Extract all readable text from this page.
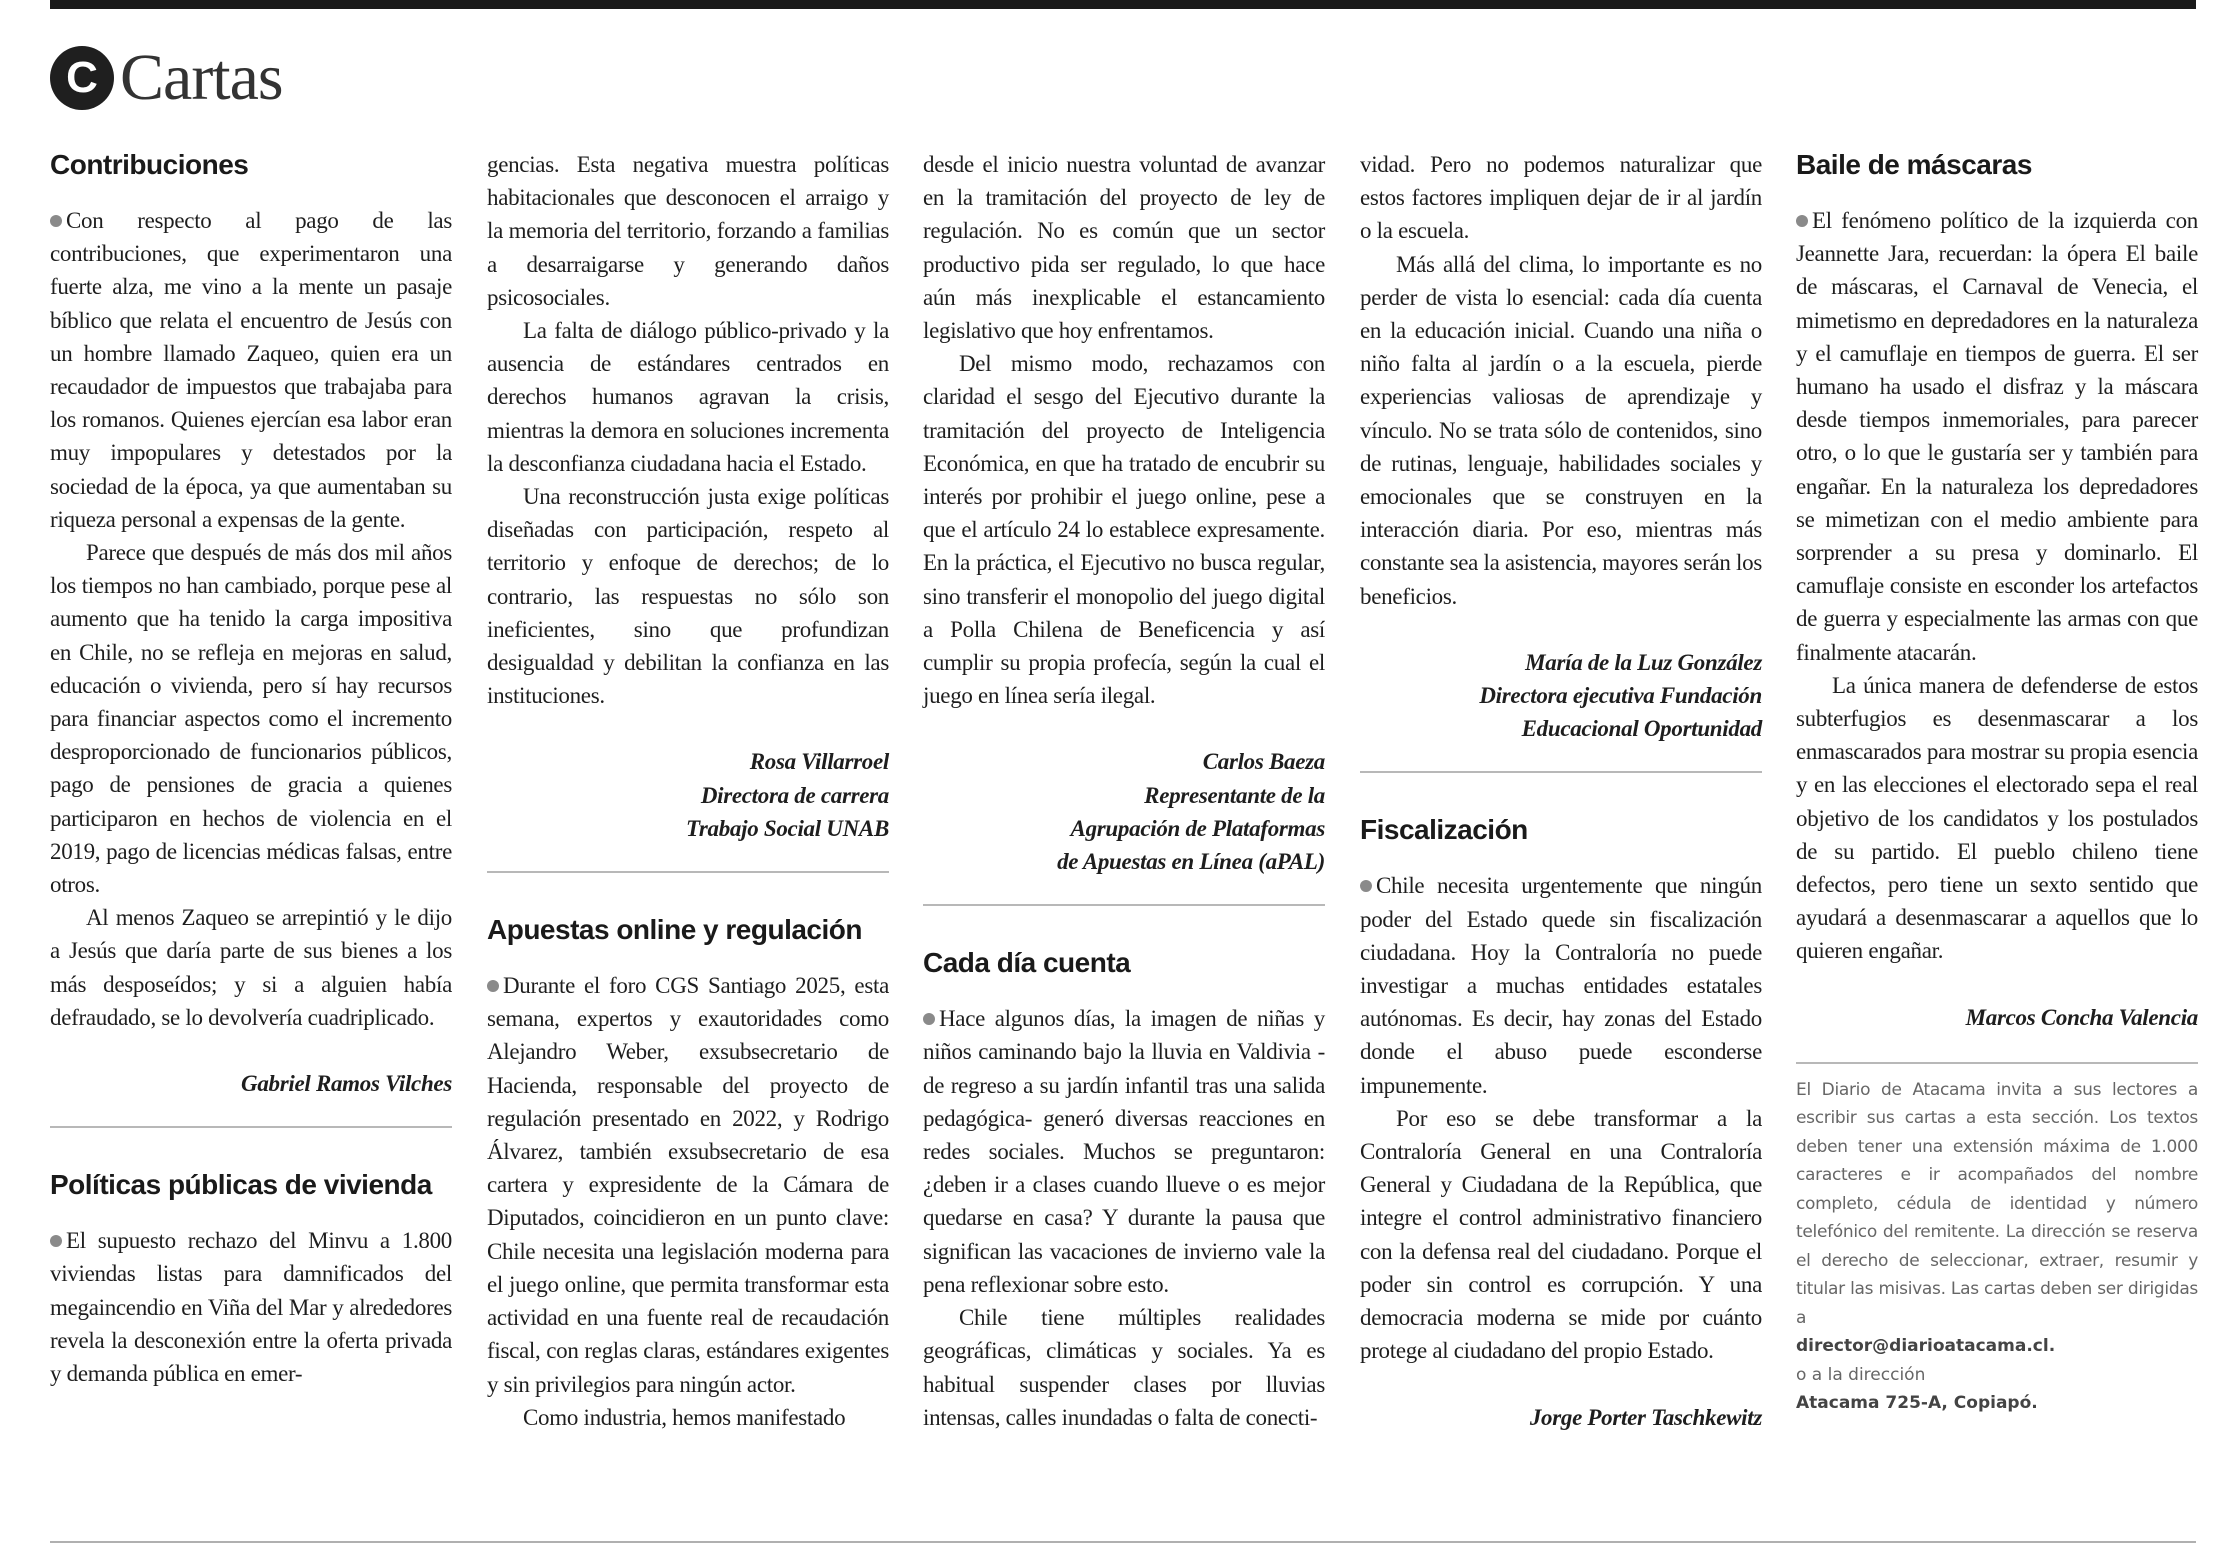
C Cartas
Contribuciones

Con respecto al pago de las contribuciones, que experimentaron una fuerte alza, me vino a la mente un pasaje bíblico que relata el encuentro de Jesús con un hombre llamado Zaqueo, quien era un recaudador de impuestos que trabajaba para los romanos. Quienes ejercían esa labor eran muy impopulares y detestados por la sociedad de la época, ya que aumentaban su riqueza personal a expensas de la gente.

Parece que después de más dos mil años los tiempos no han cambiado, porque pese al aumento que ha tenido la carga impositiva en Chile, no se refleja en mejoras en salud, educación o vivienda, pero sí hay recursos para financiar aspectos como el incremento desproporcionado de funcionarios públicos, pago de pensiones de gracia a quienes participaron en hechos de violencia en el 2019, pago de licencias médicas falsas, entre otros.

Al menos Zaqueo se arrepintió y le dijo a Jesús que daría parte de sus bienes a los más desposeídos; y si a alguien había defraudado, se lo devolvería cuadriplicado.

Gabriel Ramos Vilches

Políticas públicas de vivienda

El supuesto rechazo del Minvu a 1.800 viviendas listas para damnificados del megaincendio en Viña del Mar y alrededores revela la desconexión entre la oferta privada y demanda pública en emer-

gencias. Esta negativa muestra políticas habitacionales que desconocen el arraigo y la memoria del territorio, forzando a familias a desarraigarse y generando daños psicosociales.

La falta de diálogo público-privado y la ausencia de estándares centrados en derechos humanos agravan la crisis, mientras la demora en soluciones incrementa la desconfianza ciudadana hacia el Estado.

Una reconstrucción justa exige políticas diseñadas con participación, respeto al territorio y enfoque de derechos; de lo contrario, las respuestas no sólo son ineficientes, sino que profundizan desigualdad y debilitan la confianza en las instituciones.

Rosa Villarroel

Directora de carrera

Trabajo Social UNAB

Apuestas online y regulación

Durante el foro CGS Santiago 2025, esta semana, expertos y exautoridades como Alejandro Weber, exsubsecretario de Hacienda, responsable del proyecto de regulación presentado en 2022, y Rodrigo Álvarez, también exsubsecretario de esa cartera y expresidente de la Cámara de Diputados, coincidieron en un punto clave: Chile necesita una legislación moderna para el juego online, que permita transformar esta actividad en una fuente real de recaudación fiscal, con reglas claras, estándares exigentes y sin privilegios para ningún actor.

Como industria, hemos manifestado

desde el inicio nuestra voluntad de avanzar en la tramitación del proyecto de ley de regulación. No es común que un sector productivo pida ser regulado, lo que hace aún más inexplicable el estancamiento legislativo que hoy enfrentamos.

Del mismo modo, rechazamos con claridad el sesgo del Ejecutivo durante la tramitación del proyecto de Inteligencia Económica, en que ha tratado de encubrir su interés por prohibir el juego online, pese a que el artículo 24 lo establece expresamente. En la práctica, el Ejecutivo no busca regular, sino transferir el monopolio del juego digital a Polla Chilena de Beneficencia y así cumplir su propia profecía, según la cual el juego en línea sería ilegal.

Carlos Baeza

Representante de la

Agrupación de Plataformas

de Apuestas en Línea (aPAL)

Cada día cuenta

Hace algunos días, la imagen de niñas y niños caminando bajo la lluvia en Valdivia -de regreso a su jardín infantil tras una salida pedagógica- generó diversas reacciones en redes sociales. Muchos se preguntaron: ¿deben ir a clases cuando llueve o es mejor quedarse en casa? Y durante la pausa que significan las vacaciones de invierno vale la pena reflexionar sobre esto.

Chile tiene múltiples realidades geográficas, climáticas y sociales. Ya es habitual suspender clases por lluvias intensas, calles inundadas o falta de conecti-

vidad. Pero no podemos naturalizar que estos factores impliquen dejar de ir al jardín o la escuela.

Más allá del clima, lo importante es no perder de vista lo esencial: cada día cuenta en la educación inicial. Cuando una niña o niño falta al jardín o a la escuela, pierde experiencias valiosas de aprendizaje y vínculo. No se trata sólo de contenidos, sino de rutinas, lenguaje, habilidades sociales y emocionales que se construyen en la interacción diaria. Por eso, mientras más constante sea la asistencia, mayores serán los beneficios.

María de la Luz González

Directora ejecutiva Fundación

Educacional Oportunidad

Fiscalización

Chile necesita urgentemente que ningún poder del Estado quede sin fiscalización ciudadana. Hoy la Contraloría no puede investigar a muchas entidades estatales autónomas. Es decir, hay zonas del Estado donde el abuso puede esconderse impunemente.

Por eso se debe transformar a la Contraloría General en una Contraloría General y Ciudadana de la República, que integre el control administrativo financiero con la defensa real del ciudadano. Porque el poder sin control es corrupción. Y una democracia moderna se mide por cuánto protege al ciudadano del propio Estado.

Jorge Porter Taschkewitz

Baile de máscaras

El fenómeno político de la izquierda con Jeannette Jara, recuerdan: la ópera El baile de máscaras, el Carnaval de Venecia, el mimetismo en depredadores en la naturaleza y el camuflaje en tiempos de guerra. El ser humano ha usado el disfraz y la máscara desde tiempos inmemoriales, para parecer otro, o lo que le gustaría ser y también para engañar. En la naturaleza los depredadores se mimetizan con el medio ambiente para sorprender a su presa y dominarlo. El camuflaje consiste en esconder los artefactos de guerra y especialmente las armas con que finalmente atacarán.

La única manera de defenderse de estos subterfugios es desenmascarar a los enmascarados para mostrar su propia esencia y en las elecciones el electorado sepa el real objetivo de los candidatos y los postulados de su partido. El pueblo chileno tiene defectos, pero tiene un sexto sentido que ayudará a desenmascarar a aquellos que lo quieren engañar.

Marcos Concha Valencia

El Diario de Atacama invita a sus lectores a escribir sus cartas a esta sección. Los textos deben tener una extensión máxima de 1.000 caracteres e ir acompañados del nombre completo, cédula de identidad y número telefónico del remitente. La dirección se reserva el derecho de seleccionar, extraer, resumir y titular las misivas. Las cartas deben ser dirigidas a

director@diarioatacama.cl.

o a la dirección

Atacama 725-A, Copiapó.
